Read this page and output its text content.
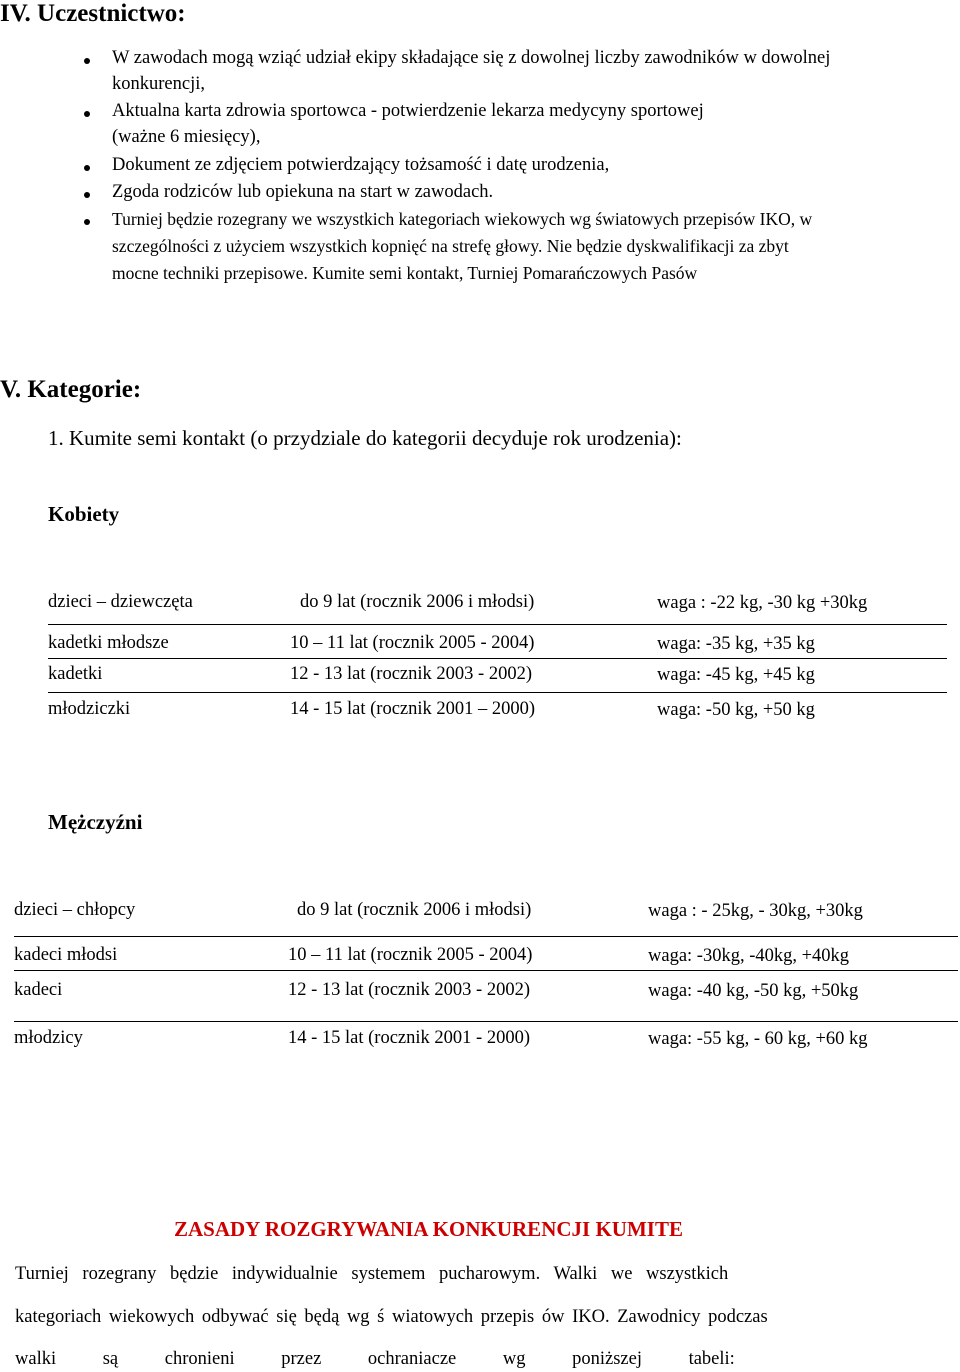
IV. Uczestnictwo:
W zawodach mogą wziąć udział ekipy składające się z dowolnej liczby zawodników w dowolnej
konkurencji,
Aktualna karta zdrowia sportowca - potwierdzenie lekarza medycyny sportowej
(ważne 6 miesięcy),
Dokument ze zdjęciem potwierdzający tożsamość i datę urodzenia,
Zgoda rodziców lub opiekuna na start w zawodach.
Turniej będzie rozegrany we wszystkich kategoriach wiekowych wg światowych przepisów IKO, w
szczególności z użyciem wszystkich kopnięć na strefę głowy. Nie będzie dyskwalifikacji za zbyt
mocne techniki przepisowe. Kumite semi kontakt, Turniej Pomarańczowych Pasów
V. Kategorie:
1. Kumite semi kontakt (o przydziale do kategorii decyduje rok urodzenia):
Kobiety
dzieci – dziewczęta	do 9 lat (rocznik 2006 i młodsi)	waga : -22 kg, -30 kg +30kg
kadetki młodsze	10 – 11 lat (rocznik 2005 - 2004)	waga: -35 kg, +35 kg
kadetki	12 - 13 lat (rocznik 2003 - 2002)	waga: -45 kg, +45 kg
młodziczki	14 - 15 lat (rocznik 2001 – 2000)	waga: -50 kg, +50 kg
Mężczyźni
dzieci – chłopcy	do 9 lat (rocznik 2006 i młodsi)	waga : - 25kg, - 30kg, +30kg
kadeci młodsi	10 – 11 lat (rocznik 2005 - 2004)	waga: -30kg, -40kg, +40kg
kadeci	12 - 13 lat (rocznik 2003 - 2002)	waga: -40 kg, -50 kg, +50kg
młodzicy	14 - 15 lat (rocznik 2001 - 2000)	waga: -55 kg, - 60 kg, +60 kg
ZASADY ROZGRYWANIA KONKURENCJI KUMITE
Turniej rozegrany będzie indywidualnie systemem pucharowym. Walki we wszystkich
kategoriach wiekowych odbywać się będą wg ś wiatowych przepis ów IKO. Zawodnicy podczas
walki są chronieni przez ochraniacze wg poniższej tabeli:
